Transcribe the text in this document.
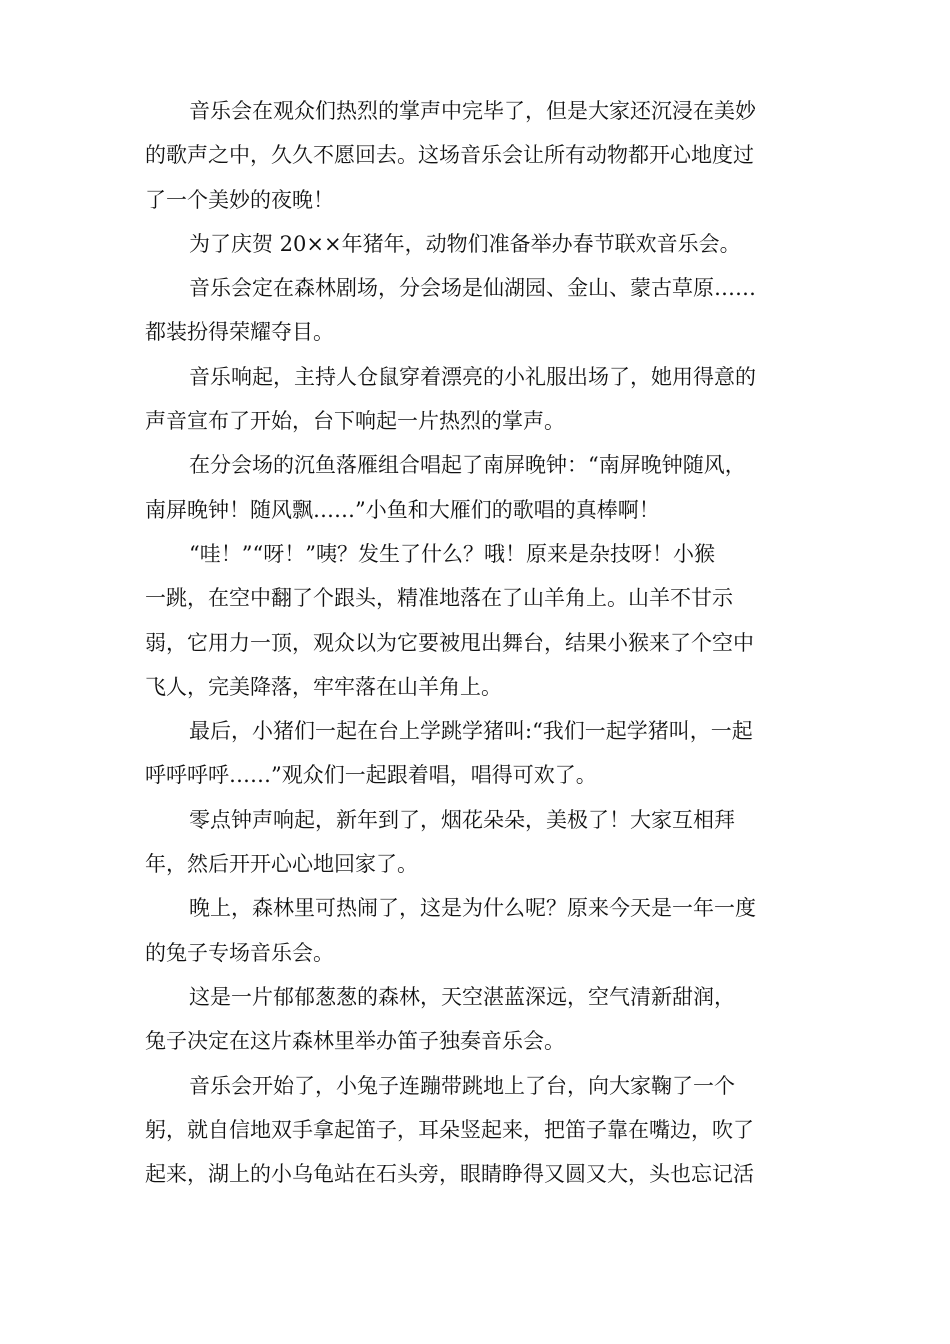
音乐会在观众们热烈的掌声中完毕了，但是大家还沉浸在美妙
的歌声之中，久久不愿回去。这场音乐会让所有动物都开心地度过
了一个美妙的夜晚！

为了庆贺 20××年猪年，动物们准备举办春节联欢音乐会。

音乐会定在森林剧场，分会场是仙湖园、金山、蒙古草原……
都装扮得荣耀夺目。

音乐响起，主持人仓鼠穿着漂亮的小礼服出场了，她用得意的
声音宣布了开始，台下响起一片热烈的掌声。

在分会场的沉鱼落雁组合唱起了南屏晚钟：“南屏晚钟随风，
南屏晚钟！随风飘……”小鱼和大雁们的歌唱的真棒啊！

“哇！”“呀！”咦？发生了什么？哦！原来是杂技呀！小猴
一跳，在空中翻了个跟头，精准地落在了山羊角上。山羊不甘示
弱，它用力一顶，观众以为它要被甩出舞台，结果小猴来了个空中
飞人，完美降落，牢牢落在山羊角上。

最后，小猪们一起在台上学跳学猪叫:“我们一起学猪叫，一起
呼呼呼呼……”观众们一起跟着唱，唱得可欢了。

零点钟声响起，新年到了，烟花朵朵，美极了！大家互相拜
年，然后开开心心地回家了。

晚上，森林里可热闹了，这是为什么呢？原来今天是一年一度
的兔子专场音乐会。

这是一片郁郁葱葱的森林，天空湛蓝深远，空气清新甜润，
兔子决定在这片森林里举办笛子独奏音乐会。

音乐会开始了，小兔子连蹦带跳地上了台，向大家鞠了一个
躬，就自信地双手拿起笛子，耳朵竖起来，把笛子靠在嘴边，吹了
起来，湖上的小乌龟站在石头旁，眼睛睁得又圆又大，头也忘记活
